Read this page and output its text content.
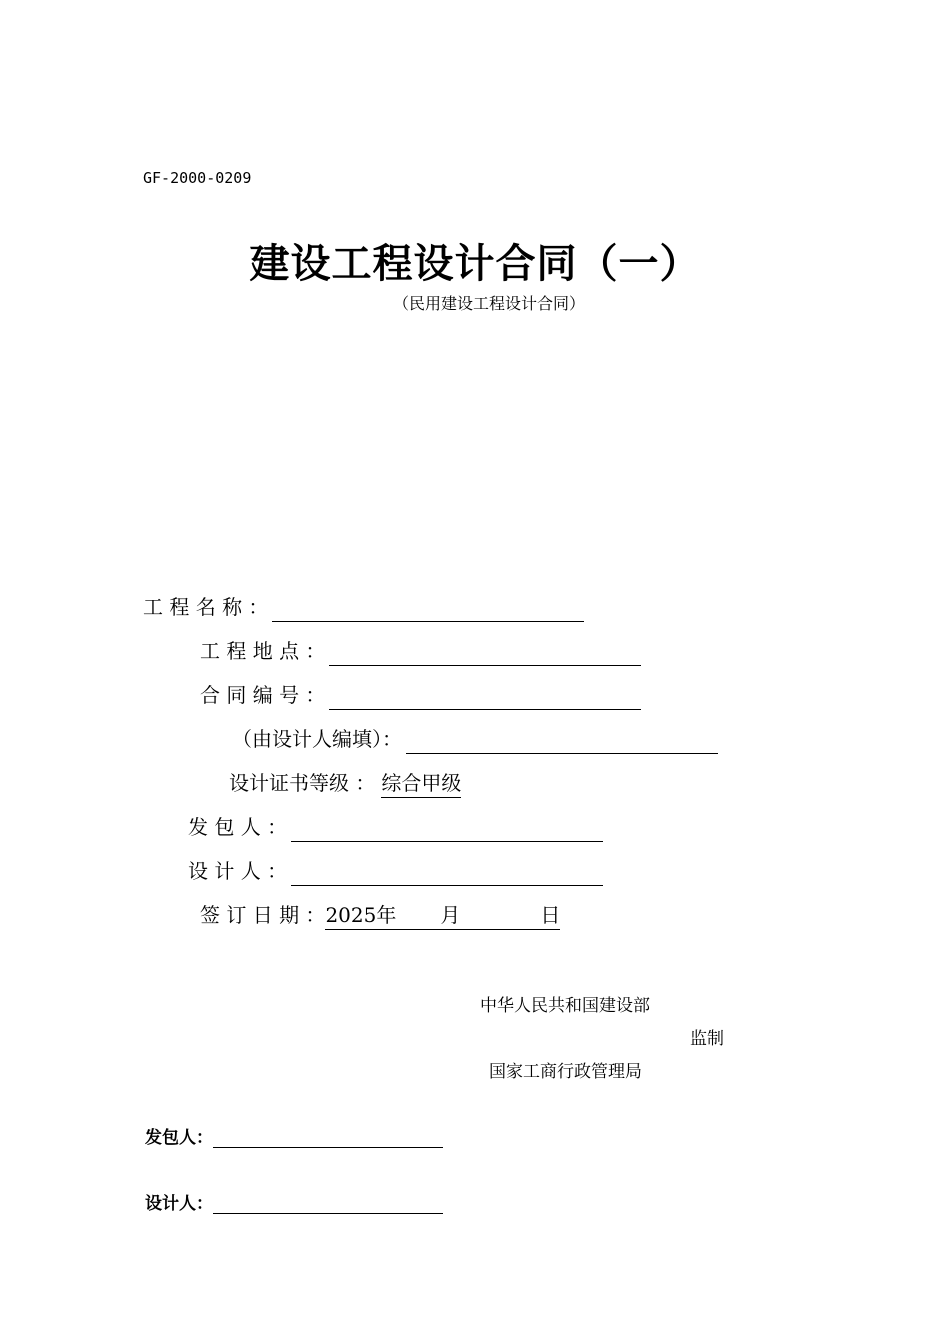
GF-2000-0209
建设工程设计合同（一）
（民用建设工程设计合同）
工 程 名 称 ：
工 程 地 点 ：
合 同 编 号 ：
（由设计人编填）：
设计证书等级 ： 综合甲级
发 包 人 ：
设 计 人 ：
签 订 日 期 ： 2025年 月	日
中华人民共和国建设部
监制
国家工商行政管理局
发包人：
设计人：
